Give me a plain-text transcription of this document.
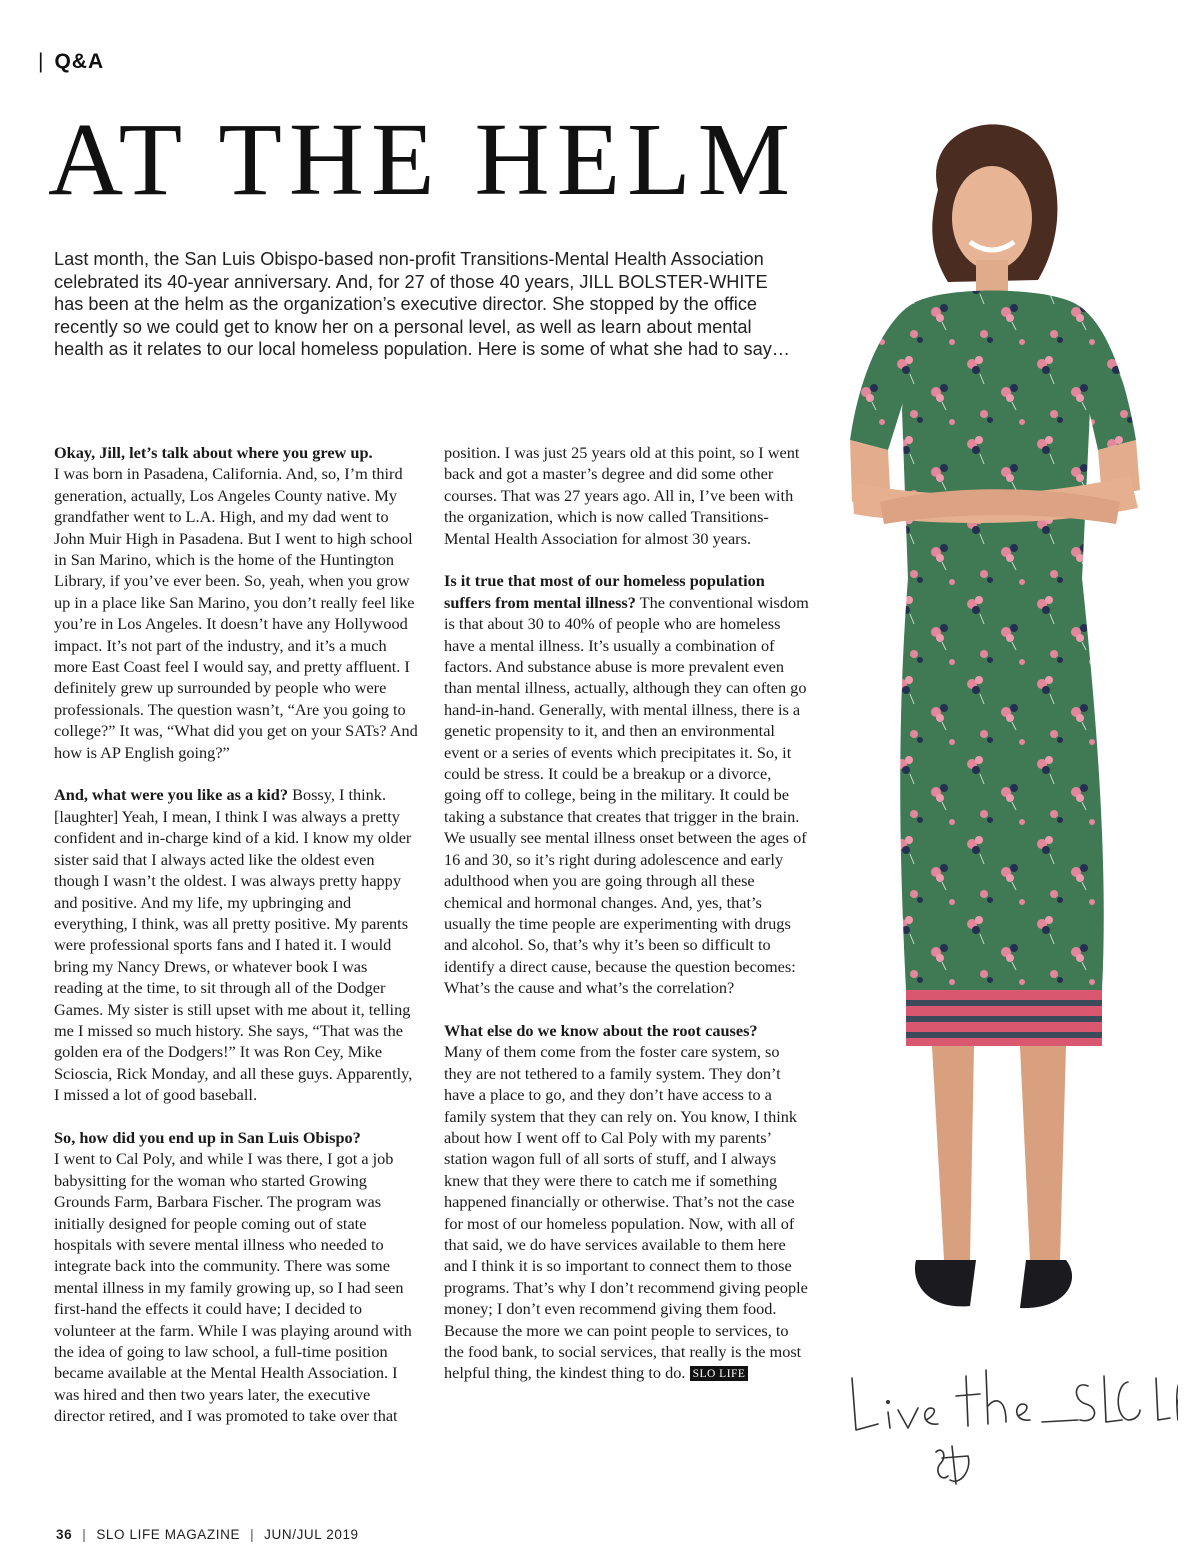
| Q&A
AT THE HELM

Last month, the San Luis Obispo-based non-profit Transitions-Mental Health Association celebrated its 40-year anniversary. And, for 27 of those 40 years, JILL BOLSTER-WHITE has been at the helm as the organization’s executive director. She stopped by the office recently so we could get to know her on a personal level, as well as learn about mental health as it relates to our local homeless population. Here is some of what she had to say…

Okay, Jill, let’s talk about where you grew up.
I was born in Pasadena, California. And, so, I’m third generation, actually, Los Angeles County native. My grandfather went to L.A. High, and my dad went to John Muir High in Pasadena. But I went to high school in San Marino, which is the home of the Huntington Library, if you’ve ever been. So, yeah, when you grow up in a place like San Marino, you don’t really feel like you’re in Los Angeles. It doesn’t have any Hollywood impact. It’s not part of the industry, and it’s a much more East Coast feel I would say, and pretty affluent. I definitely grew up surrounded by people who were professionals. The question wasn’t, “Are you going to college?” It was, “What did you get on your SATs? And how is AP English going?”

And, what were you like as a kid? Bossy, I think. [laughter] Yeah, I mean, I think I was always a pretty confident and in-charge kind of a kid. I know my older sister said that I always acted like the oldest even though I wasn’t the oldest. I was always pretty happy and positive. And my life, my upbringing and everything, I think, was all pretty positive. My parents were professional sports fans and I hated it. I would bring my Nancy Drews, or whatever book I was reading at the time, to sit through all of the Dodger Games. My sister is still upset with me about it, telling me I missed so much history. She says, “That was the golden era of the Dodgers!” It was Ron Cey, Mike Scioscia, Rick Monday, and all these guys. Apparently, I missed a lot of good baseball.

So, how did you end up in San Luis Obispo?
I went to Cal Poly, and while I was there, I got a job babysitting for the woman who started Growing Grounds Farm, Barbara Fischer. The program was initially designed for people coming out of state hospitals with severe mental illness who needed to integrate back into the community. There was some mental illness in my family growing up, so I had seen first-hand the effects it could have; I decided to volunteer at the farm. While I was playing around with the idea of going to law school, a full-time position became available at the Mental Health Association. I was hired and then two years later, the executive director retired, and I was promoted to take over that

position. I was just 25 years old at this point, so I went back and got a master’s degree and did some other courses. That was 27 years ago. All in, I’ve been with the organization, which is now called Transitions-Mental Health Association for almost 30 years.

Is it true that most of our homeless population suffers from mental illness? The conventional wisdom is that about 30 to 40% of people who are homeless have a mental illness. It’s usually a combination of factors. And substance abuse is more prevalent even than mental illness, actually, although they can often go hand-in-hand. Generally, with mental illness, there is a genetic propensity to it, and then an environmental event or a series of events which precipitates it. So, it could be stress. It could be a breakup or a divorce, going off to college, being in the military. It could be taking a substance that creates that trigger in the brain. We usually see mental illness onset between the ages of 16 and 30, so it’s right during adolescence and early adulthood when you are going through all these chemical and hormonal changes. And, yes, that’s usually the time people are experimenting with drugs and alcohol. So, that’s why it’s been so difficult to identify a direct cause, because the question becomes: What’s the cause and what’s the correlation?

What else do we know about the root causes?
Many of them come from the foster care system, so they are not tethered to a family system. They don’t have a place to go, and they don’t have access to a family system that they can rely on. You know, I think about how I went off to Cal Poly with my parents’ station wagon full of all sorts of stuff, and I always knew that they were there to catch me if something happened financially or otherwise. That’s not the case for most of our homeless population. Now, with all of that said, we do have services available to them here and I think it is so important to connect them to those programs. That’s why I don’t recommend giving people money; I don’t even recommend giving them food. Because the more we can point people to services, to the food bank, to social services, that really is the most helpful thing, the kindest thing to do. SLO LIFE

36 | SLO LIFE MAGAZINE | JUN/JUL 2019
